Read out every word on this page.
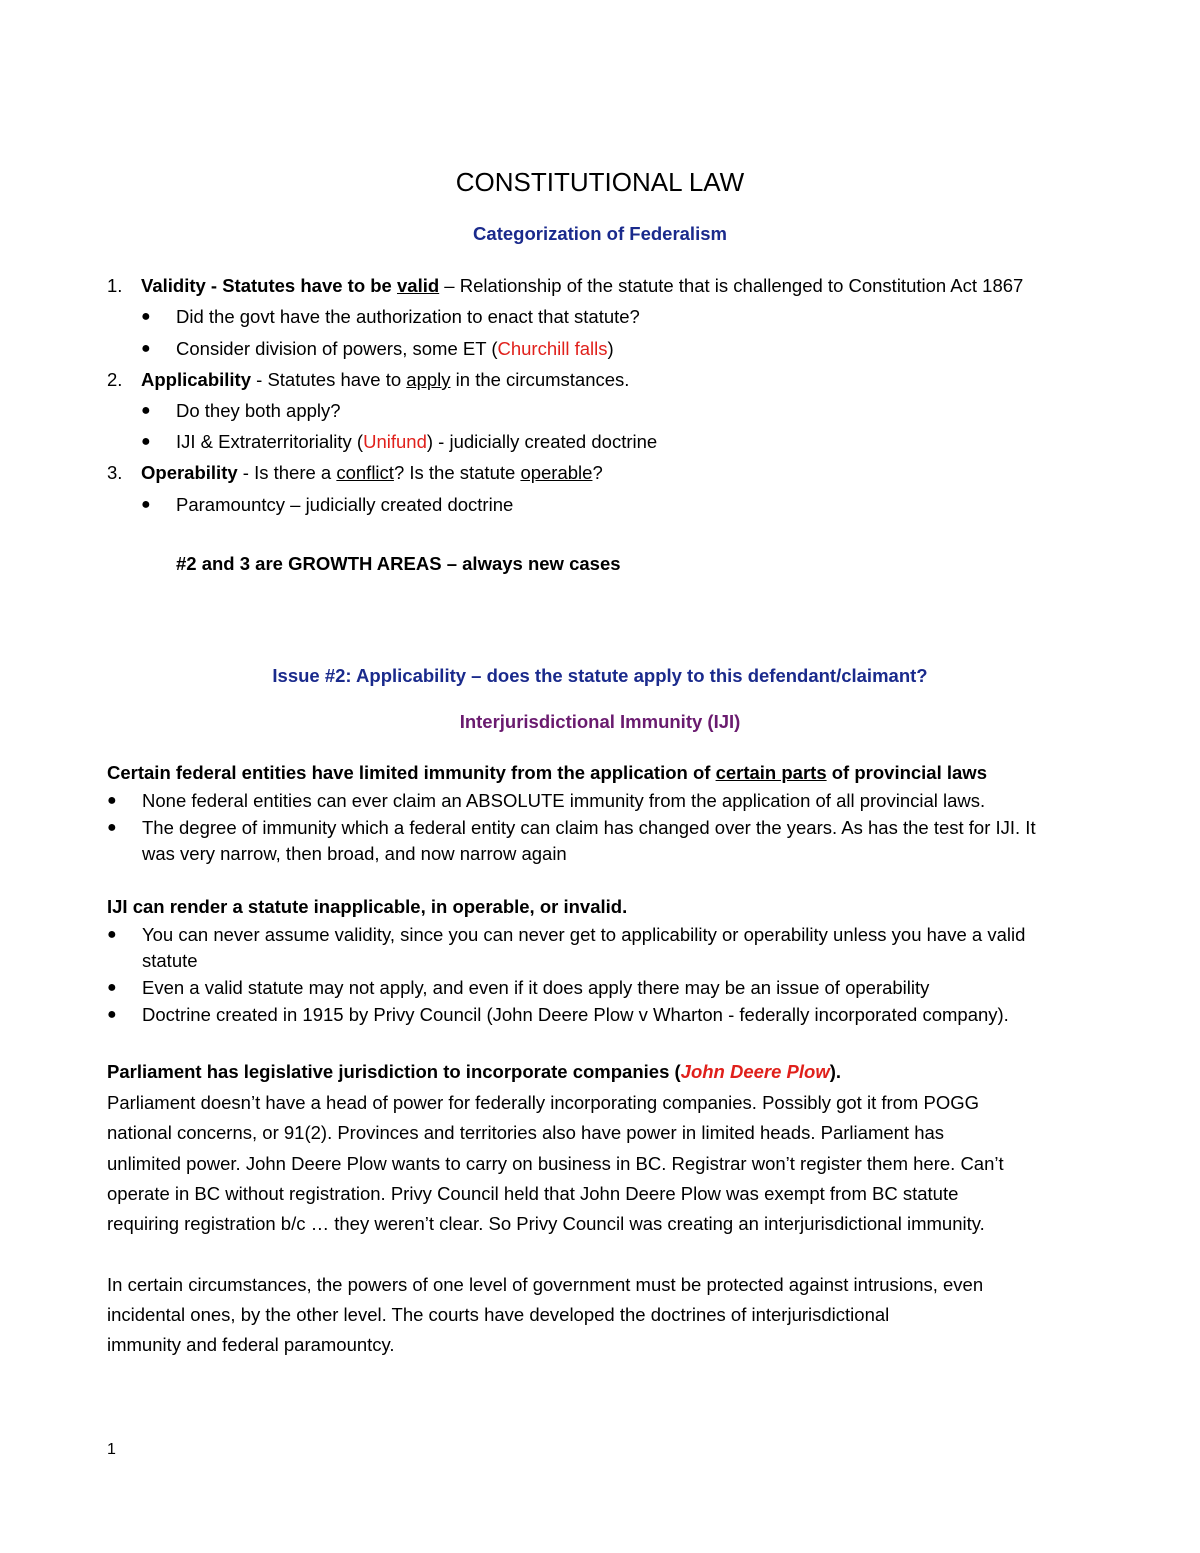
CONSTITUTIONAL LAW
Categorization of Federalism
1.	Validity - Statutes have to be valid – Relationship of the statute that is challenged to Constitution Act 1867
● Did the govt have the authorization to enact that statute?
● Consider division of powers, some ET (Churchill falls)
2.	Applicability - Statutes have to apply in the circumstances.
● Do they both apply?
● IJI & Extraterritoriality (Unifund) - judicially created doctrine
3.	Operability - Is there a conflict? Is the statute operable?
● Paramountcy – judicially created doctrine
#2 and 3 are GROWTH AREAS – always new cases
Issue #2: Applicability – does the statute apply to this defendant/claimant?
Interjurisdictional Immunity (IJI)
Certain federal entities have limited immunity from the application of certain parts of provincial laws
● None federal entities can ever claim an ABSOLUTE immunity from the application of all provincial laws.
● The degree of immunity which a federal entity can claim has changed over the years. As has the test for IJI. It
was very narrow, then broad, and now narrow again
IJI can render a statute inapplicable, in operable, or invalid.
● You can never assume validity, since you can never get to applicability or operability unless you have a valid
statute
● Even a valid statute may not apply, and even if it does apply there may be an issue of operability
● Doctrine created in 1915 by Privy Council (John Deere Plow v Wharton - federally incorporated company).
Parliament has legislative jurisdiction to incorporate companies (John Deere Plow).
Parliament doesn’t have a head of power for federally incorporating companies. Possibly got it from POGG
national concerns, or 91(2). Provinces and territories also have power in limited heads. Parliament has
unlimited power. John Deere Plow wants to carry on business in BC. Registrar won’t register them here. Can’t
operate in BC without registration. Privy Council held that John Deere Plow was exempt from BC statute
requiring registration b/c … they weren’t clear. So Privy Council was creating an interjurisdictional immunity.
In certain circumstances, the powers of one level of government must be protected against intrusions, even
incidental ones, by the other level. The courts have developed the doctrines of interjurisdictional
immunity and federal paramountcy.
1
